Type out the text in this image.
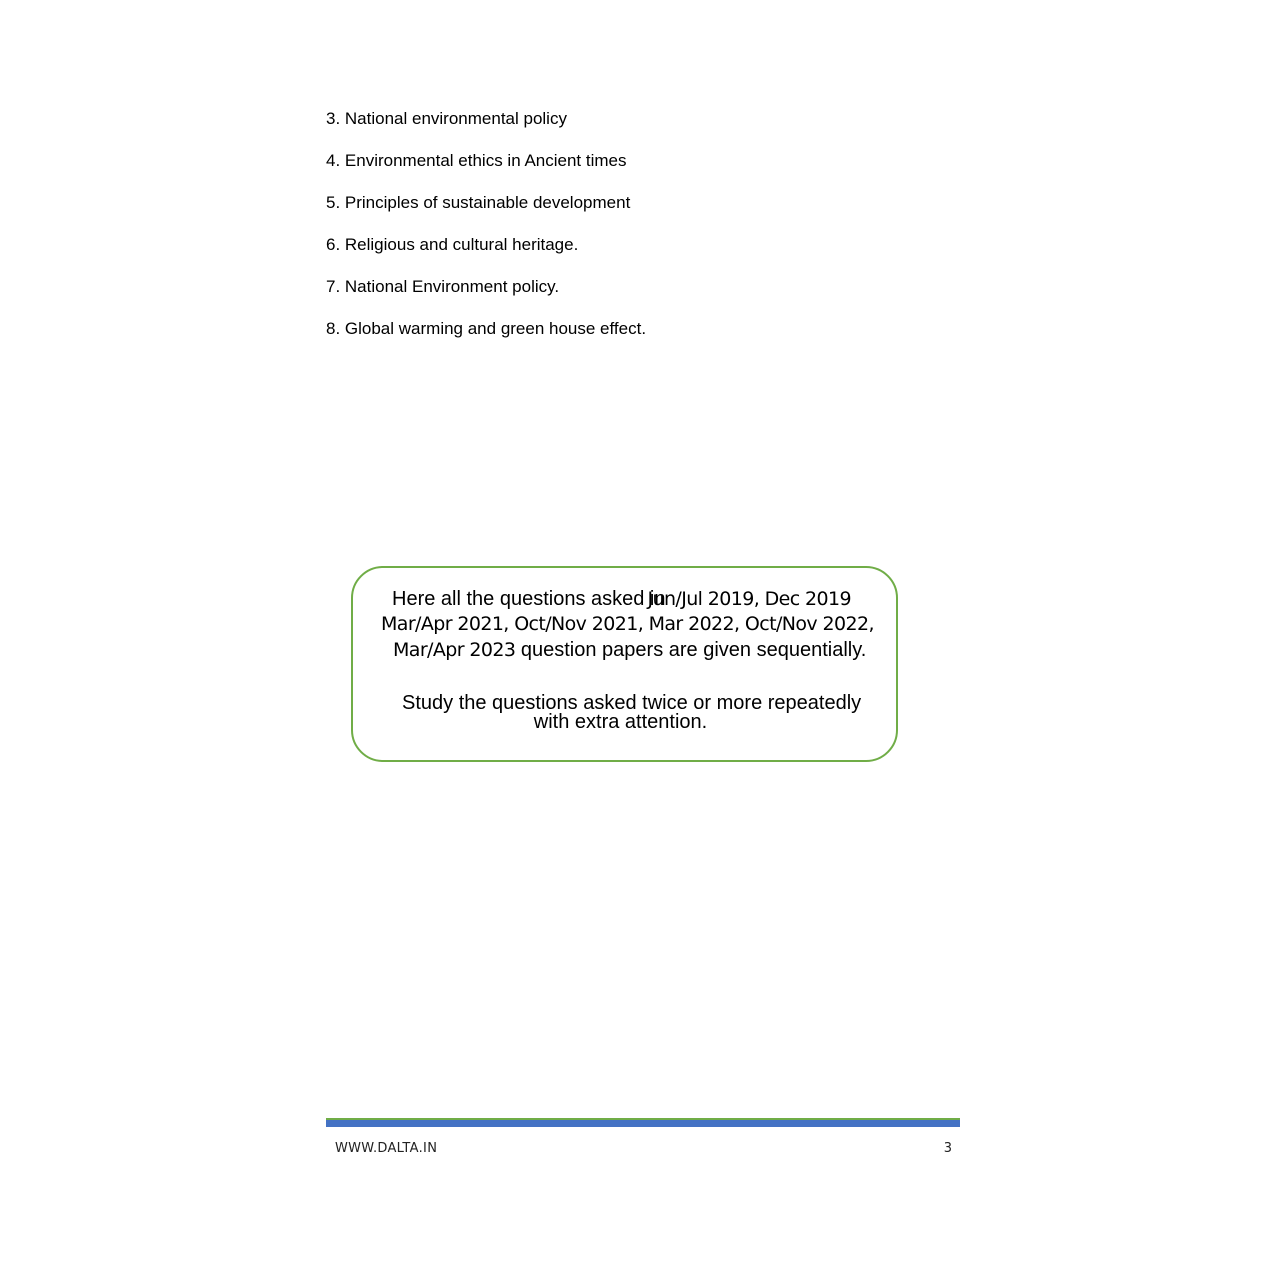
3. National environmental policy
4. Environmental ethics in Ancient times
5. Principles of sustainable development
6. Religious and cultural heritage.
7. National Environment policy.
8. Global warming and green house effect.
Here all the questions asked inJun/Jul 2019, Dec 2019
Mar/Apr 2021, Oct/Nov 2021, Mar 2022, Oct/Nov 2022,
Mar/Apr 2023 question papers are given sequentially.
Study the questions asked twice or more repeatedly
with extra attention.
WWW.DALTA.IN	3
